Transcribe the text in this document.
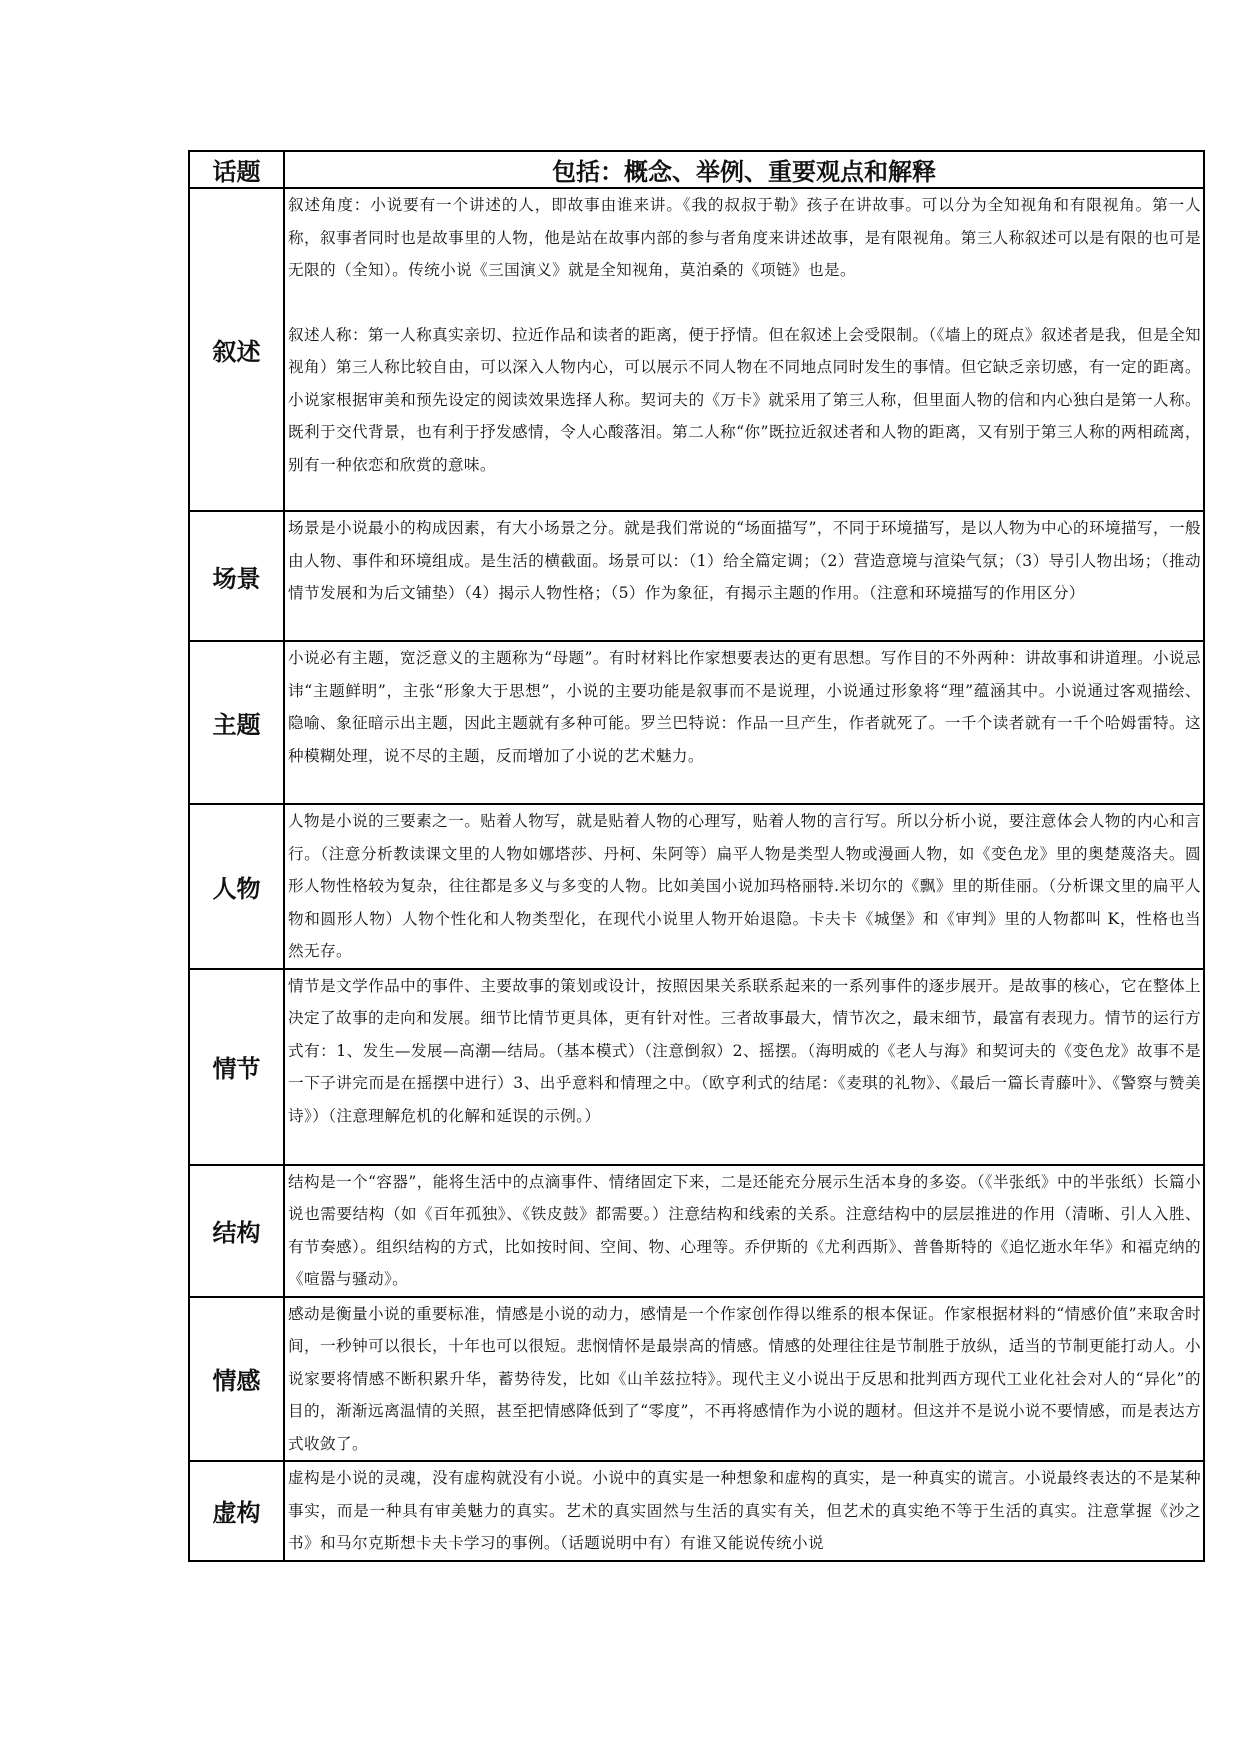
话题	包括：概念、举例、重要观点和解释
叙述	叙述角度：小说要有一个讲述的人，即故事由谁来讲。《我的叔叔于勒》孩子在讲故事。可以分为全知视角和有限视角。第一人称，叙事者同时也是故事里的人物，他是站在故事内部的参与者角度来讲述故事，是有限视角。第三人称叙述可以是有限的也可是无限的（全知）。传统小说《三国演义》就是全知视角，莫泊桑的《项链》也是。

叙述人称：第一人称真实亲切、拉近作品和读者的距离，便于抒情。但在叙述上会受限制。（《墙上的斑点》叙述者是我，但是全知视角）第三人称比较自由，可以深入人物内心，可以展示不同人物在不同地点同时发生的事情。但它缺乏亲切感，有一定的距离。小说家根据审美和预先设定的阅读效果选择人称。契诃夫的《万卡》就采用了第三人称，但里面人物的信和内心独白是第一人称。既利于交代背景，也有利于抒发感情，令人心酸落泪。第二人称“你”既拉近叙述者和人物的距离，又有别于第三人称的两相疏离，别有一种依恋和欣赏的意味。

场景	场景是小说最小的构成因素，有大小场景之分。就是我们常说的“场面描写”，不同于环境描写，是以人物为中心的环境描写，一般由人物、事件和环境组成。是生活的横截面。场景可以：（1）给全篇定调；（2）营造意境与渲染气氛；（3）导引人物出场；（推动情节发展和为后文铺垫）（4）揭示人物性格；（5）作为象征，有揭示主题的作用。（注意和环境描写的作用区分）

主题	小说必有主题，宽泛意义的主题称为“母题”。有时材料比作家想要表达的更有思想。写作目的不外两种：讲故事和讲道理。小说忌讳“主题鲜明”，主张“形象大于思想”，小说的主要功能是叙事而不是说理，小说通过形象将“理”蕴涵其中。小说通过客观描绘、隐喻、象征暗示出主题，因此主题就有多种可能。罗兰巴特说：作品一旦产生，作者就死了。一千个读者就有一千个哈姆雷特。这种模糊处理，说不尽的主题，反而增加了小说的艺术魅力。

人物	人物是小说的三要素之一。贴着人物写，就是贴着人物的心理写，贴着人物的言行写。所以分析小说，要注意体会人物的内心和言行。（注意分析教读课文里的人物如娜塔莎、丹柯、朱阿等）扁平人物是类型人物或漫画人物，如《变色龙》里的奥楚蔑洛夫。圆形人物性格较为复杂，往往都是多义与多变的人物。比如美国小说加玛格丽特.米切尔的《飘》里的斯佳丽。（分析课文里的扁平人物和圆形人物）人物个性化和人物类型化，在现代小说里人物开始退隐。卡夫卡《城堡》和《审判》里的人物都叫 K，性格也当然无存。

情节	情节是文学作品中的事件、主要故事的策划或设计，按照因果关系联系起来的一系列事件的逐步展开。是故事的核心，它在整体上决定了故事的走向和发展。细节比情节更具体，更有针对性。三者故事最大，情节次之，最末细节，最富有表现力。情节的运行方式有：1、发生—发展—高潮—结局。（基本模式）（注意倒叙）2、摇摆。（海明威的《老人与海》和契诃夫的《变色龙》故事不是一下子讲完而是在摇摆中进行）3、出乎意料和情理之中。（欧亨利式的结尾：《麦琪的礼物》、《最后一篇长青藤叶》、《警察与赞美诗》）（注意理解危机的化解和延误的示例。）

结构	结构是一个“容器”，能将生活中的点滴事件、情绪固定下来，二是还能充分展示生活本身的多姿。（《半张纸》中的半张纸）长篇小说也需要结构（如《百年孤独》、《铁皮鼓》都需要。）注意结构和线索的关系。注意结构中的层层推进的作用（清晰、引人入胜、有节奏感）。组织结构的方式，比如按时间、空间、物、心理等。乔伊斯的《尤利西斯》、普鲁斯特的《追忆逝水年华》和福克纳的《喧嚣与骚动》。

情感	感动是衡量小说的重要标准，情感是小说的动力，感情是一个作家创作得以维系的根本保证。作家根据材料的“情感价值”来取舍时间，一秒钟可以很长，十年也可以很短。悲悯情怀是最崇高的情感。情感的处理往往是节制胜于放纵，适当的节制更能打动人。小说家要将情感不断积累升华，蓄势待发，比如《山羊兹拉特》。现代主义小说出于反思和批判西方现代工业化社会对人的“异化”的目的，渐渐远离温情的关照，甚至把情感降低到了“零度”，不再将感情作为小说的题材。但这并不是说小说不要情感，而是表达方式收敛了。

虚构	虚构是小说的灵魂，没有虚构就没有小说。小说中的真实是一种想象和虚构的真实，是一种真实的谎言。小说最终表达的不是某种事实，而是一种具有审美魅力的真实。艺术的真实固然与生活的真实有关，但艺术的真实绝不等于生活的真实。注意掌握《沙之书》和马尔克斯想卡夫卡学习的事例。（话题说明中有）有谁又能说传统小说
